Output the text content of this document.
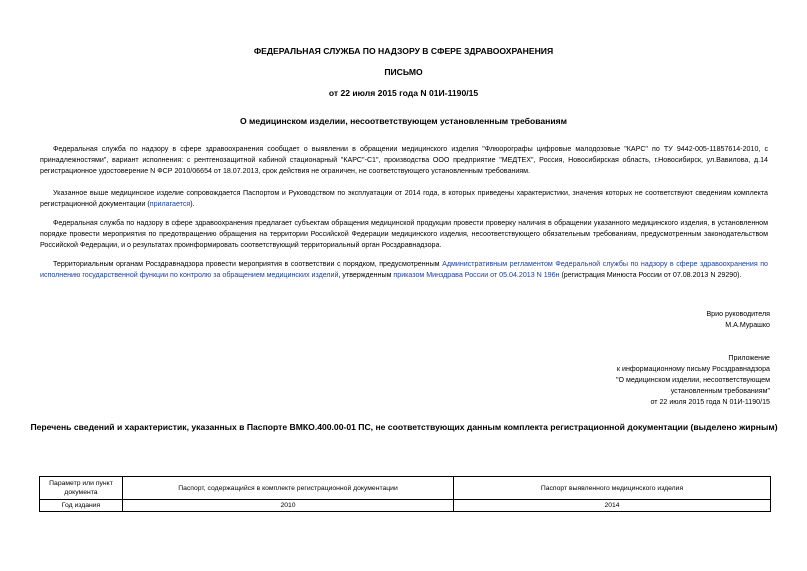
ФЕДЕРАЛЬНАЯ СЛУЖБА ПО НАДЗОРУ В СФЕРЕ ЗДРАВООХРАНЕНИЯ
ПИСЬМО
от 22 июля 2015 года N 01И-1190/15
О медицинском изделии, несоответствующем установленным требованиям
Федеральная служба по надзору в сфере здравоохранения сообщает о выявлении в обращении медицинского изделия "Флюорографы цифровые малодозовые "КАРС" по ТУ 9442-005-11857614-2010, с принадлежностями", вариант исполнения: с рентгенозащитной кабиной стационарный "КАРС"-С1", производства ООО предприятие "МЕДТЕХ", Россия, Новосибирская область, г.Новосибирск, ул.Вавилова, д.14 регистрационное удостоверение N ФСР 2010/06654 от 18.07.2013, срок действия не ограничен, не соответствующего установленным требованиям.
Указанное выше медицинское изделие сопровождается Паспортом и Руководством по эксплуатации от 2014 года, в которых приведены характеристики, значения которых не соответствуют сведениям комплекта регистрационной документации (прилагается).
Федеральная служба по надзору в сфере здравоохранения предлагает субъектам обращения медицинской продукции провести проверку наличия в обращении указанного медицинского изделия, в установленном порядке провести мероприятия по предотвращению обращения на территории Российской Федерации медицинского изделия, несоответствующего обязательным требованиям, предусмотренным законодательством Российской Федерации, и о результатах проинформировать соответствующий территориальный орган Росздравнадзора.
Территориальным органам Росздравнадзора провести мероприятия в соответствии с порядком, предусмотренным Административным регламентом Федеральной службы по надзору в сфере здравоохранения по исполнению государственной функции по контролю за обращением медицинских изделий, утвержденным приказом Минздрава России от 05.04.2013 N 196н (регистрация Минюста России от 07.08.2013 N 29290).
Врио руководителя
М.А.Мурашко
Приложение
к информационному письму Росздравнадзора
"О медицинском изделии, несоответствующем
установленным требованиям"
от 22 июля 2015 года N 01И-1190/15
Перечень сведений и характеристик, указанных в Паспорте ВМКО.400.00-01 ПС, не соответствующих данным комплекта регистрационной документации (выделено жирным)
Параметр или пункт документа	Паспорт, содержащийся в комплекте регистрационной документации	Паспорт выявленного медицинского изделия
Год издания	2010	2014
